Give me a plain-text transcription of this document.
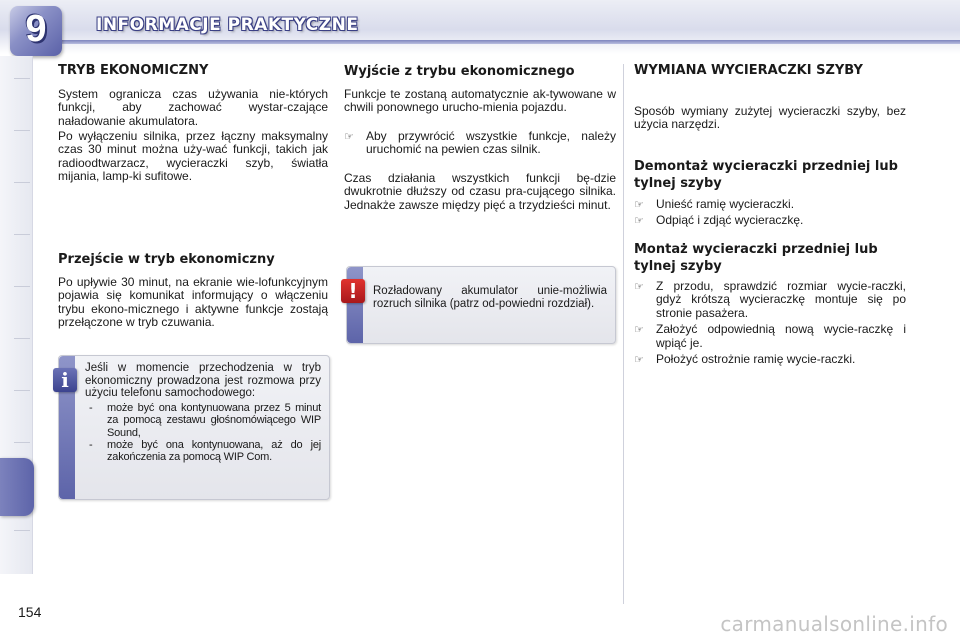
9	INFORMACJE PRAKTYCZNE
TRYB EKONOMICZNY

System ogranicza czas używania nie-których funkcji, aby zachować wystar-czające naładowanie akumulatora.

Po wyłączeniu silnika, przez łączny maksymalny czas 30 minut można uży-wać funkcji, takich jak radioodtwarzacz, wycieraczki szyb, światła mijania, lamp-ki sufitowe.

Przejście w tryb ekonomiczny

Po upływie 30 minut, na ekranie wie-lofunkcyjnym pojawia się komunikat informujący o włączeniu trybu ekono-micznego i aktywne funkcje zostają przełączone w tryb czuwania.

i	Jeśli w momencie przechodzenia w tryb ekonomiczny prowadzona jest rozmowa przy użyciu telefonu samochodowego:

- może być ona kontynuowana przez 5 minut za pomocą zestawu głośnomówiącego WIP Sound,
- może być ona kontynuowana, aż do jej zakończenia za pomocą WIP Com.
Wyjście z trybu ekonomicznego

Funkcje te zostaną automatycznie ak-tywowane w chwili ponownego urucho-mienia pojazdu.

☞ Aby przywrócić wszystkie funkcje, należy uruchomić na pewien czas silnik.

Czas działania wszystkich funkcji bę-dzie dwukrotnie dłuższy od czasu pra-cującego silnika. Jednakże zawsze między pięć a trzydzieści minut.

!	Rozładowany akumulator unie-możliwia rozruch silnika (patrz od-powiedni rozdział).

WYMIANA WYCIERACZKI SZYBY

Sposób wymiany zużytej wycieraczki szyby, bez użycia narzędzi.

Demontaż wycieraczki przedniej lub tylnej szyby
☞ Unieść ramię wycieraczki.
☞ Odpiąć i zdjąć wycieraczkę.
Montaż wycieraczki przedniej lub tylnej szyby
☞ Z przodu, sprawdzić rozmiar wycie-raczki, gdyż krótszą wycieraczkę montuje się po stronie pasażera.
☞ Założyć odpowiednią nową wycie-raczkę i wpiąć je.
☞ Położyć ostrożnie ramię wycie-raczki.
154	carmanualsonline.info
